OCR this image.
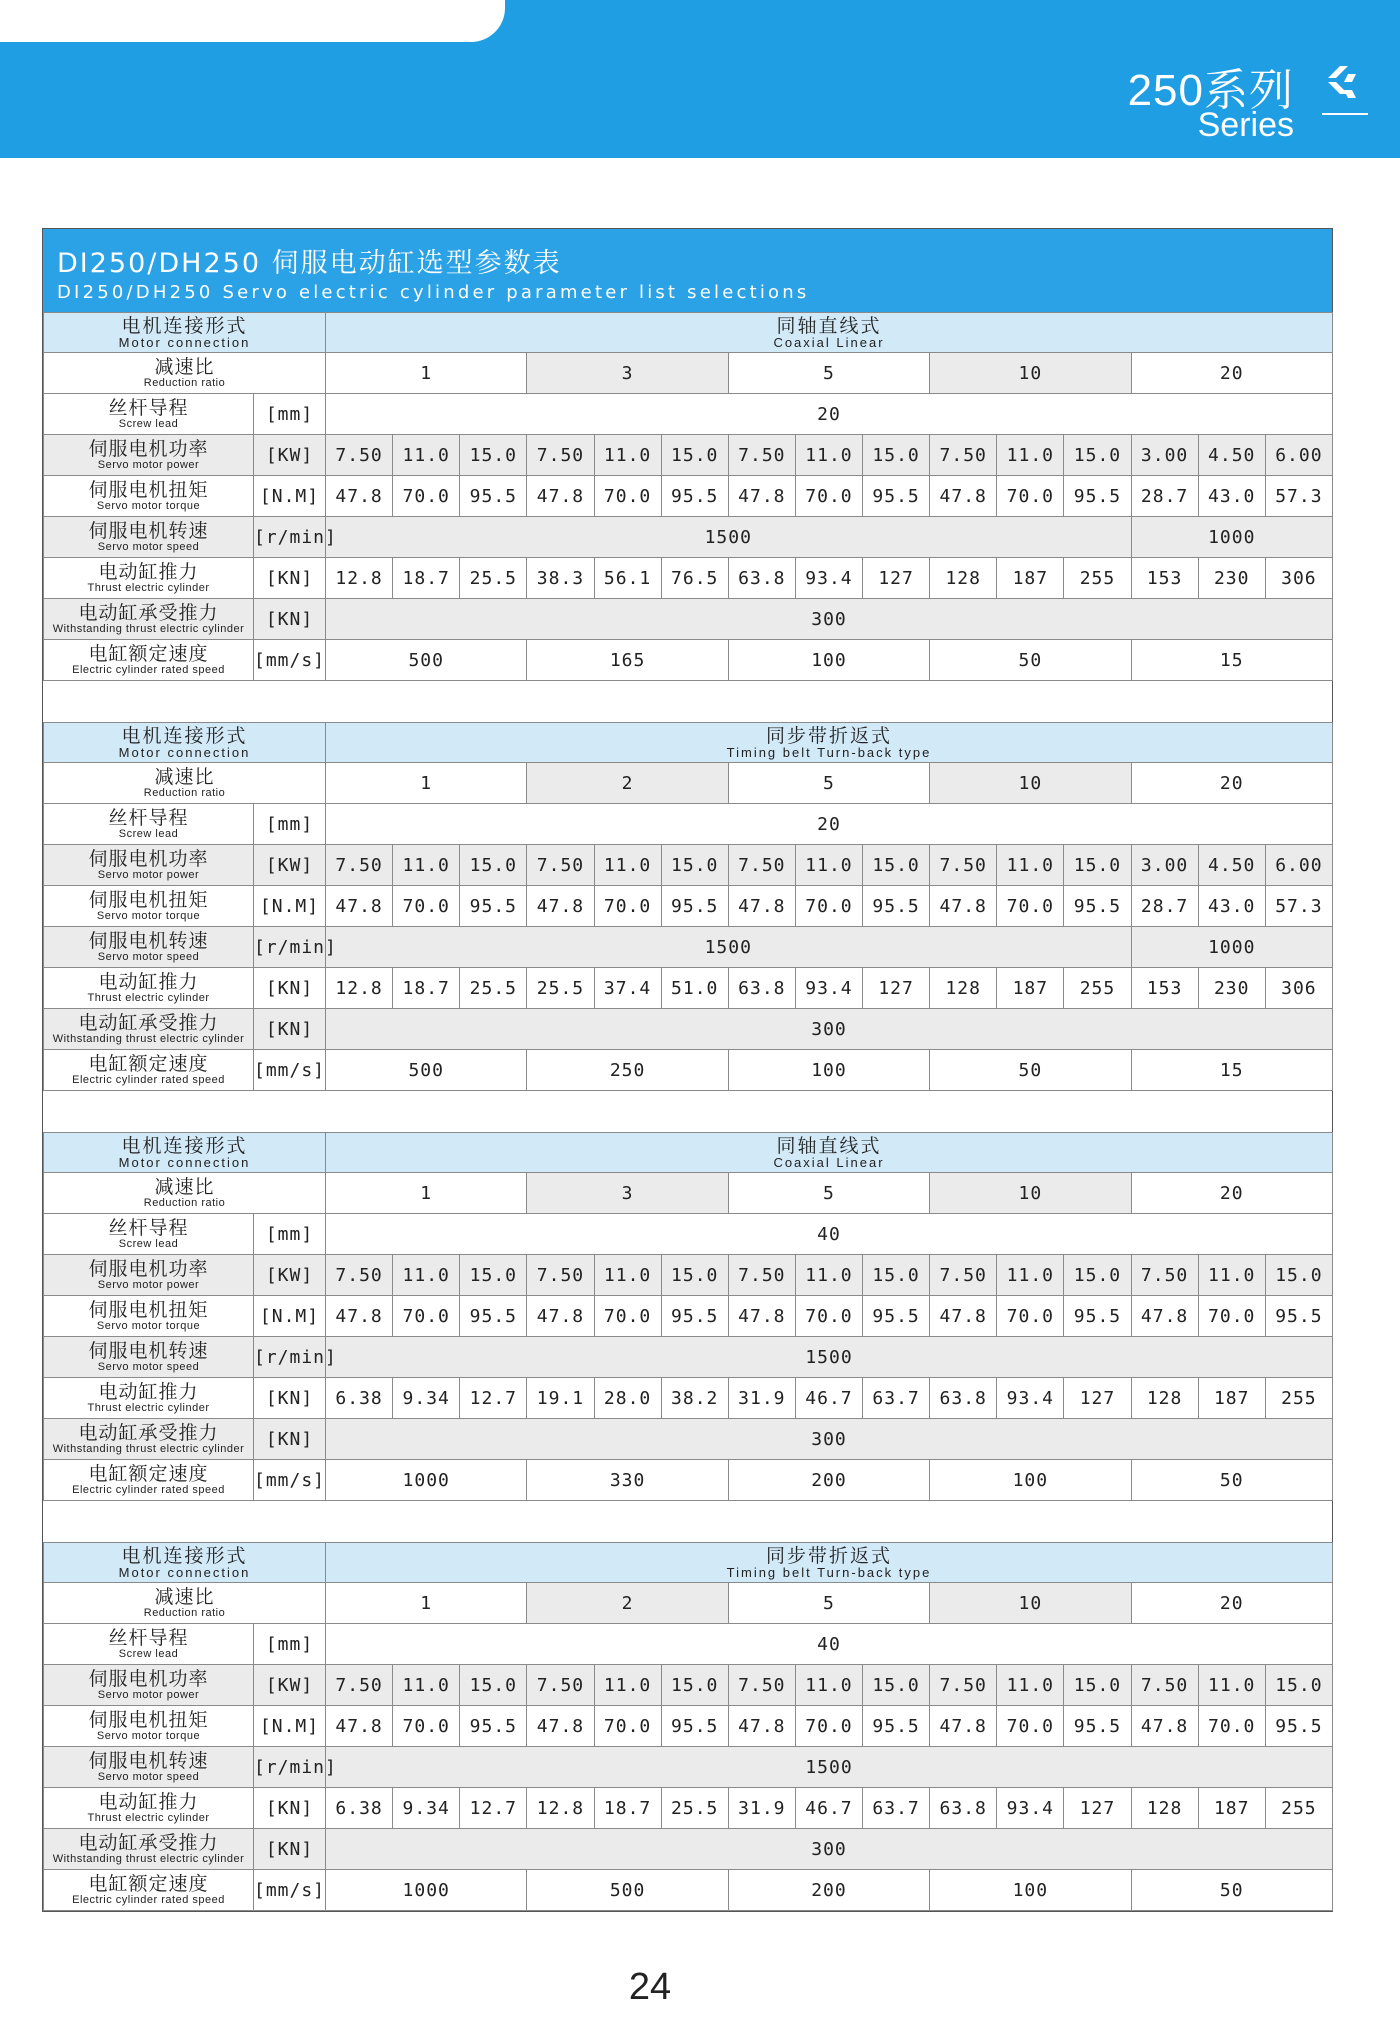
250系列
Series
DI250/DH250 伺服电动缸选型参数表
DI250/DH250 Servo electric cylinder parameter list selections
电机连接形式
Motor connection		同轴直线式
Coaxial Linear														

减速比
Reduction ratio		1			3			5			10			20		

丝杆导程
Screw lead	[mm]	20														

伺服电机功率
Servo motor power	[KW]	7.50	11.0	15.0	7.50	11.0	15.0	7.50	11.0	15.0	7.50	11.0	15.0	3.00	4.50	6.00

伺服电机扭矩
Servo motor torque	[N.M]	47.8	70.0	95.5	47.8	70.0	95.5	47.8	70.0	95.5	47.8	70.0	95.5	28.7	43.0	57.3

伺服电机转速
Servo motor speed	[r/min]	1500												1000		

电动缸推力
Thrust electric cylinder	[KN]	12.8	18.7	25.5	38.3	56.1	76.5	63.8	93.4	127	128	187	255	153	230	306

电动缸承受推力
Withstanding thrust electric cylinder	[KN]	300														

电缸额定速度
Electric cylinder rated speed	[mm/s]	500			165			100			50			15		

电机连接形式
Motor connection		同步带折返式
Timing belt Turn-back type														

减速比
Reduction ratio		1			2			5			10			20		

丝杆导程
Screw lead	[mm]	20														

伺服电机功率
Servo motor power	[KW]	7.50	11.0	15.0	7.50	11.0	15.0	7.50	11.0	15.0	7.50	11.0	15.0	3.00	4.50	6.00

伺服电机扭矩
Servo motor torque	[N.M]	47.8	70.0	95.5	47.8	70.0	95.5	47.8	70.0	95.5	47.8	70.0	95.5	28.7	43.0	57.3

伺服电机转速
Servo motor speed	[r/min]	1500												1000		

电动缸推力
Thrust electric cylinder	[KN]	12.8	18.7	25.5	25.5	37.4	51.0	63.8	93.4	127	128	187	255	153	230	306

电动缸承受推力
Withstanding thrust electric cylinder	[KN]	300														

电缸额定速度
Electric cylinder rated speed	[mm/s]	500			250			100			50			15		

电机连接形式
Motor connection		同轴直线式
Coaxial Linear														

减速比
Reduction ratio		1			3			5			10			20		

丝杆导程
Screw lead	[mm]	40														

伺服电机功率
Servo motor power	[KW]	7.50	11.0	15.0	7.50	11.0	15.0	7.50	11.0	15.0	7.50	11.0	15.0	7.50	11.0	15.0

伺服电机扭矩
Servo motor torque	[N.M]	47.8	70.0	95.5	47.8	70.0	95.5	47.8	70.0	95.5	47.8	70.0	95.5	47.8	70.0	95.5

伺服电机转速
Servo motor speed	[r/min]	1500														

电动缸推力
Thrust electric cylinder	[KN]	6.38	9.34	12.7	19.1	28.0	38.2	31.9	46.7	63.7	63.8	93.4	127	128	187	255

电动缸承受推力
Withstanding thrust electric cylinder	[KN]	300														

电缸额定速度
Electric cylinder rated speed	[mm/s]	1000			330			200			100			50		

电机连接形式
Motor connection		同步带折返式
Timing belt Turn-back type														

减速比
Reduction ratio		1			2			5			10			20		

丝杆导程
Screw lead	[mm]	40														

伺服电机功率
Servo motor power	[KW]	7.50	11.0	15.0	7.50	11.0	15.0	7.50	11.0	15.0	7.50	11.0	15.0	7.50	11.0	15.0

伺服电机扭矩
Servo motor torque	[N.M]	47.8	70.0	95.5	47.8	70.0	95.5	47.8	70.0	95.5	47.8	70.0	95.5	47.8	70.0	95.5

伺服电机转速
Servo motor speed	[r/min]	1500														

电动缸推力
Thrust electric cylinder	[KN]	6.38	9.34	12.7	12.8	18.7	25.5	31.9	46.7	63.7	63.8	93.4	127	128	187	255

电动缸承受推力
Withstanding thrust electric cylinder	[KN]	300														

电缸额定速度
Electric cylinder rated speed	[mm/s]	1000			500			200			100			50		
24
